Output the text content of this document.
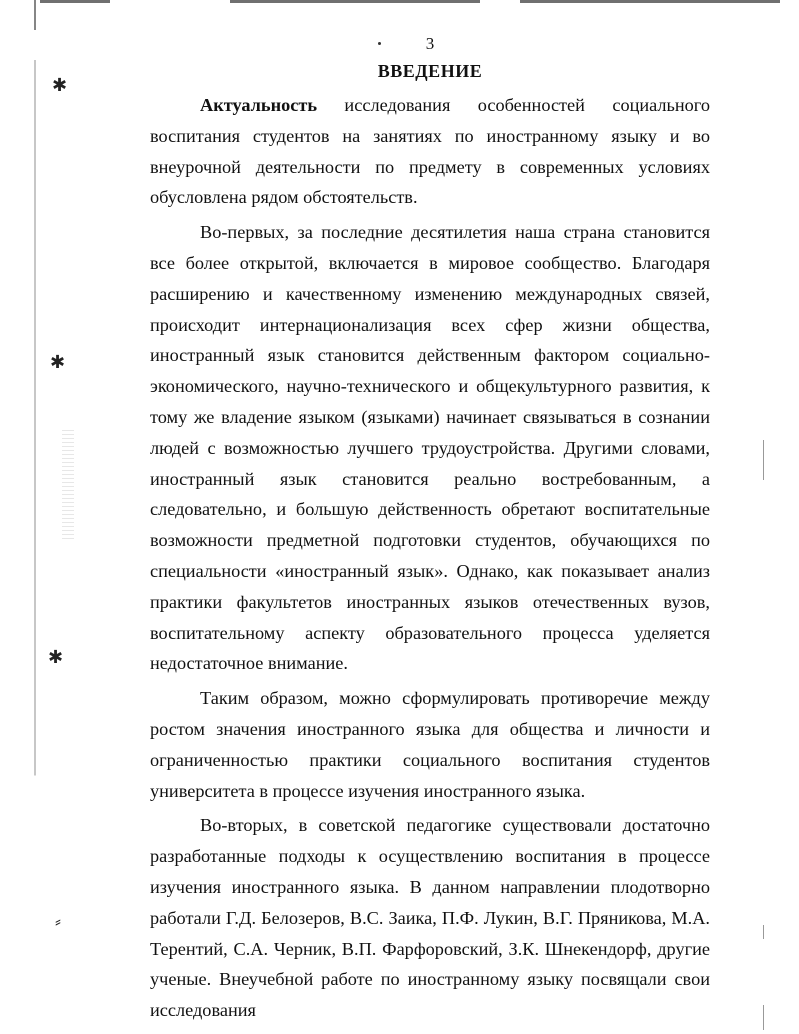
✱
✱
✱
⸗
3
ВВЕДЕНИЕ

Актуальность исследования особенностей социального воспитания студентов на занятиях по иностранному языку и во внеурочной деятельности по предмету в современных условиях обусловлена рядом обстоятельств.

Во-первых, за последние десятилетия наша страна становится все более открытой, включается в мировое сообщество. Благодаря расширению и качественному изменению международных связей, происходит интернационализация всех сфер жизни общества, иностранный язык становится действенным фактором социально-экономического, научно-технического и общекультурного развития, к тому же владение языком (языками) начинает связываться в сознании людей с возможностью лучшего трудоустройства. Другими словами, иностранный язык становится реально востребованным, а следовательно, и большую действенность обретают воспитательные возможности предметной подготовки студентов, обучающихся по специальности «иностранный язык». Однако, как показывает анализ практики факультетов иностранных языков отечественных вузов, воспитательному аспекту образовательного процесса уделяется недостаточное внимание.

Таким образом, можно сформулировать противоречие между ростом значения иностранного языка для общества и личности и ограниченностью практики социального воспитания студентов университета в процессе изучения иностранного языка.

Во-вторых, в советской педагогике существовали достаточно разработанные подходы к осуществлению воспитания в процессе изучения иностранного языка. В данном направлении плодотворно работали Г.Д. Белозеров, В.С. Заика, П.Ф. Лукин, В.Г. Пряникова, М.А. Терентий, С.А. Черник, В.П. Фарфоровский, З.К. Шнекендорф, другие ученые. Внеучебной работе по иностранному языку посвящали свои исследования
